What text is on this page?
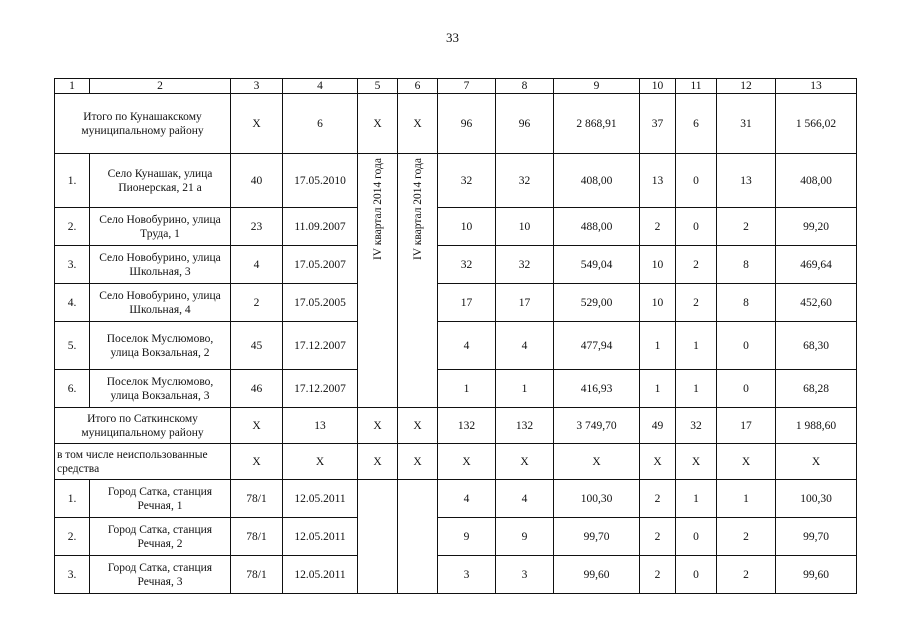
33
1	2	3	4	5	6	7	8	9	10	11	12	13
Итого по Кунашакскому муниципальному району		X	6	X	X	96	96	2 868,91	37	6	31	1 566,02
1.	Село Кунашак, улица Пионерская, 21 а	40	17.05.2010	IV квартал 2014 года	IV квартал 2014 года	32	32	408,00	13	0	13	408,00
2.	Село Новобурино, улица Труда, 1	23	11.09.2007			10	10	488,00	2	0	2	99,20
3.	Село Новобурино, улица Школьная, 3	4	17.05.2007			32	32	549,04	10	2	8	469,64
4.	Село Новобурино, улица Школьная, 4	2	17.05.2005			17	17	529,00	10	2	8	452,60
5.	Поселок Муслюмово, улица Вокзальная, 2	45	17.12.2007			4	4	477,94	1	1	0	68,30
6.	Поселок Муслюмово, улица Вокзальная, 3	46	17.12.2007			1	1	416,93	1	1	0	68,28
Итого по Саткинскому муниципальному району		X	13	X	X	132	132	3 749,70	49	32	17	1 988,60
в том числе неиспользованные средства		X	X	X	X	X	X	X	X	X	X	X
1.	Город Сатка, станция Речная, 1	78/1	12.05.2011			4	4	100,30	2	1	1	100,30
2.	Город Сатка, станция Речная, 2	78/1	12.05.2011			9	9	99,70	2	0	2	99,70
3.	Город Сатка, станция Речная, 3	78/1	12.05.2011			3	3	99,60	2	0	2	99,60
